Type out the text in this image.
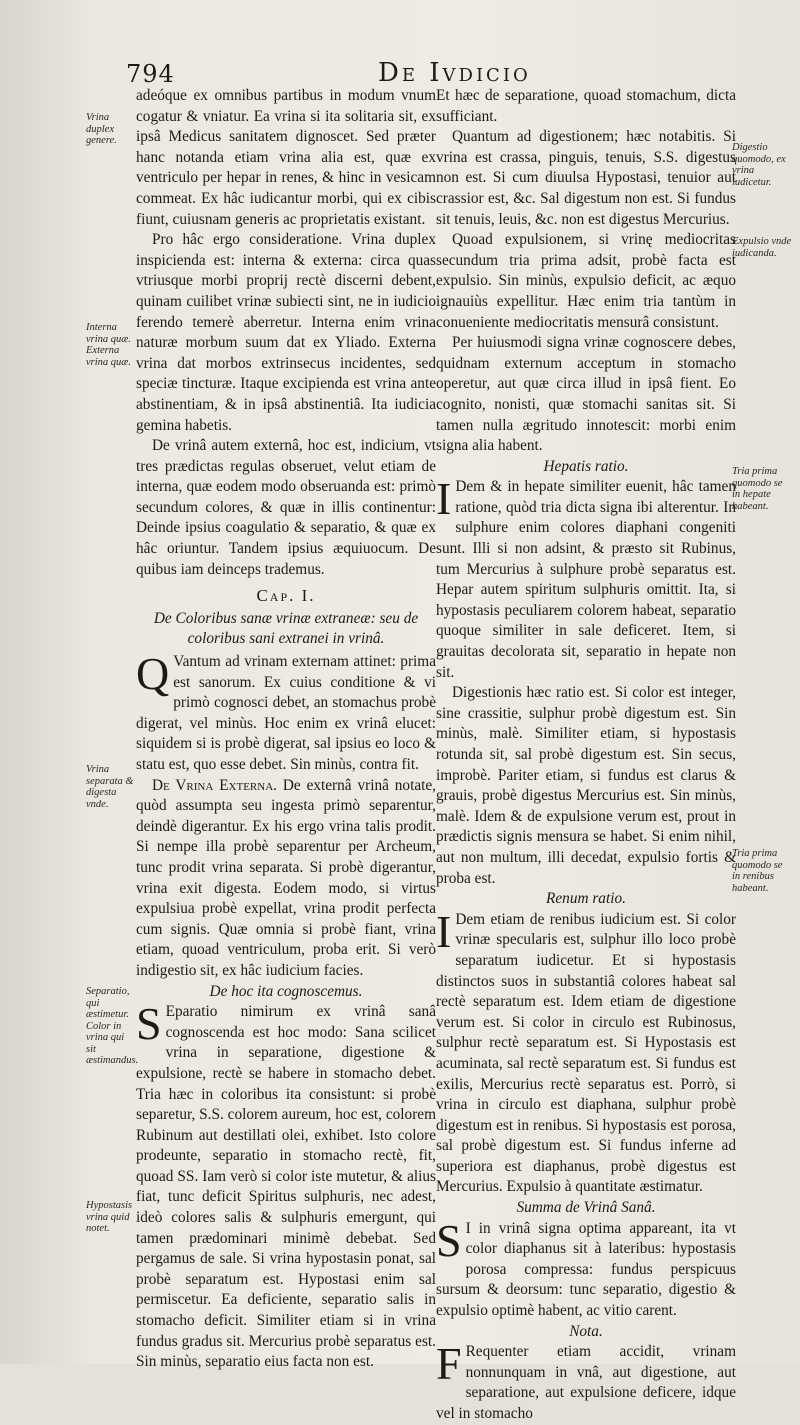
794	De Ivdicio

adeóque ex omnibus partibus in modum vnum cogatur & vniatur. Ea vrina si ita solitaria sit, ex ipsâ Medicus sanitatem dignoscet. Sed præter hanc notanda etiam vrina alia est, quæ ex ventriculo per hepar in renes, & hinc in vesicam commeat. Ex hâc iudicantur morbi, qui ex cibis fiunt, cuiusnam generis ac proprietatis existant.

Pro hâc ergo consideratione. Vrina duplex inspicienda est: interna & externa: circa quas vtriusque morbi proprij rectè discerni debent, quinam cuilibet vrinæ subiecti sint, ne in iudicio ferendo temerè aberretur. Interna enim vrina naturæ morbum suum dat ex Yliado. Externa vrina dat morbos extrinsecus incidentes, sed speciæ tincturæ. Itaque excipienda est vrina ante abstinentiam, & in ipsâ abstinentiâ. Ita iudicia gemina habetis.

De vrinâ autem externâ, hoc est, indicium, vt tres prædictas regulas obseruet, velut etiam de interna, quæ eodem modo obseruanda est: primò secundum colores, & quæ in illis continentur: Deinde ipsius coagulatio & separatio, & quæ ex hâc oriuntur. Tandem ipsius æquiuocum. De quibus iam deinceps trademus.

Cap. I.
De Coloribus sanæ vrinæ extraneæ: seu de coloribus sani extranei in vrinâ.

Q Vantum ad vrinam externam attinet: prima est sanorum. Ex cuius conditione & vi primò cognosci debet, an stomachus probè digerat, vel minùs. Hoc enim ex vrinâ elucet: siquidem si is probè digerat, sal ipsius eo loco & statu est, quo esse debet. Sin minùs, contra fit.

De Vrina Externa. De externâ vrinâ notate, quòd assumpta seu ingesta primò separentur, deindè digerantur. Ex his ergo vrina talis prodit. Si nempe illa probè separentur per Archeum, tunc prodit vrina separata. Si probè digerantur, vrina exit digesta. Eodem modo, si virtus expulsiua probè expellat, vrina prodit perfecta cum signis. Quæ omnia si probè fiant, vrina etiam, quoad ventriculum, proba erit. Si verò indigestio sit, ex hâc iudicium facies.

De hoc ita cognoscemus.

S Eparatio nimirum ex vrinâ sanâ cognoscenda est hoc modo: Sana scilicet vrina in separatione, digestione & expulsione, rectè se habere in stomacho debet. Tria hæc in coloribus ita consistunt: si probè separetur, S.S. colorem aureum, hoc est, colorem Rubinum aut destillati olei, exhibet. Isto colore prodeunte, separatio in stomacho rectè, fit, quoad SS. Iam verò si color iste mutetur, & alius fiat, tunc deficit Spiritus sulphuris, nec adest, ideò colores salis & sulphuris emergunt, qui tamen prædominari minimè debebat. Sed pergamus de sale. Si vrina hypostasin ponat, sal probè separatum est. Hypostasi enim sal permiscetur. Ea deficiente, separatio salis in stomacho deficit. Similiter etiam si in vrina fundus gradus sit. Mercurius probè separatus est. Sin minùs, separatio eius facta non est.

Et hæc de separatione, quoad stomachum, dicta sufficiant.

Quantum ad digestionem; hæc notabitis. Si vrina est crassa, pinguis, tenuis, S.S. digestus non est. Si cum diuulsa Hypostasi, tenuior aut crassior est, &c. Sal digestum non est. Si fundus sit tenuis, leuis, &c. non est digestus Mercurius.

Quoad expulsionem, si vrinę mediocritas secundum tria prima adsit, probè facta est expulsio. Sin minùs, expulsio deficit, ac æquo ignauiùs expellitur. Hæc enim tria tantùm in conueniente mediocritatis mensurâ consistunt.

Per huiusmodi signa vrinæ cognoscere debes, quidnam externum acceptum in stomacho operetur, aut quæ circa illud in ipsâ fient. Eo cognito, nonisti, quæ stomachi sanitas sit. Si tamen nulla ægritudo innotescit: morbi enim signa alia habent.

Hepatis ratio.

I Dem & in hepate similiter euenit, hâc tamen ratione, quòd tria dicta signa ibi alterentur. In sulphure enim colores diaphani congeniti sunt. Illi si non adsint, & præsto sit Rubinus, tum Mercurius à sulphure probè separatus est. Hepar autem spiritum sulphuris omittit. Ita, si hypostasis peculiarem colorem habeat, separatio quoque similiter in sale deficeret. Item, si grauitas decolorata sit, separatio in hepate non sit.

Digestionis hæc ratio est. Si color est integer, sine crassitie, sulphur probè digestum est. Sin minùs, malè. Similiter etiam, si hypostasis rotunda sit, sal probè digestum est. Sin secus, improbè. Pariter etiam, si fundus est clarus & grauis, probè digestus Mercurius est. Sin minùs, malè. Idem & de expulsione verum est, prout in prædictis signis mensura se habet. Si enim nihil, aut non multum, illi decedat, expulsio fortis & proba est.

Renum ratio.

I Dem etiam de renibus iudicium est. Si color vrinæ specularis est, sulphur illo loco probè separatum iudicetur. Et si hypostasis distinctos suos in substantiâ colores habeat sal rectè separatum est. Idem etiam de digestione verum est. Si color in circulo est Rubinosus, sulphur rectè separatum est. Si Hypostasis est acuminata, sal rectè separatum est. Si fundus est exilis, Mercurius rectè separatus est. Porrò, si vrina in circulo est diaphana, sulphur probè digestum est in renibus. Si hypostasis est porosa, sal probè digestum est. Si fundus inferne ad superiora est diaphanus, probè digestus est Mercurius. Expulsio à quantitate æstimatur.

Summa de Vrinâ Sanâ.

S I in vrinâ signa optima appareant, ita vt color diaphanus sit à lateribus: hypostasis porosa compressa: fundus perspicuus sursum & deorsum: tunc separatio, digestio & expulsio optimè habent, ac vitio carent.

Nota.

F Requenter etiam accidit, vrinam nonnunquam in vnâ, aut digestione, aut separatione, aut expulsione deficere, idque vel in stomacho

Vrina duplex genere.
Interna vrina quæ. Externa vrina quæ.
Vrina separata & digesta vnde.
Separatio, qui æstimetur. Color in vrina qui sit æstimandus.
Hypostasis vrina quid notet.
Digestio quomodo, ex vrina iudicetur.
Expulsio vnde iudicanda.
Tria prima quomodo se in hepate habeant.
Tria prima quomodo se in renibus habeant.
